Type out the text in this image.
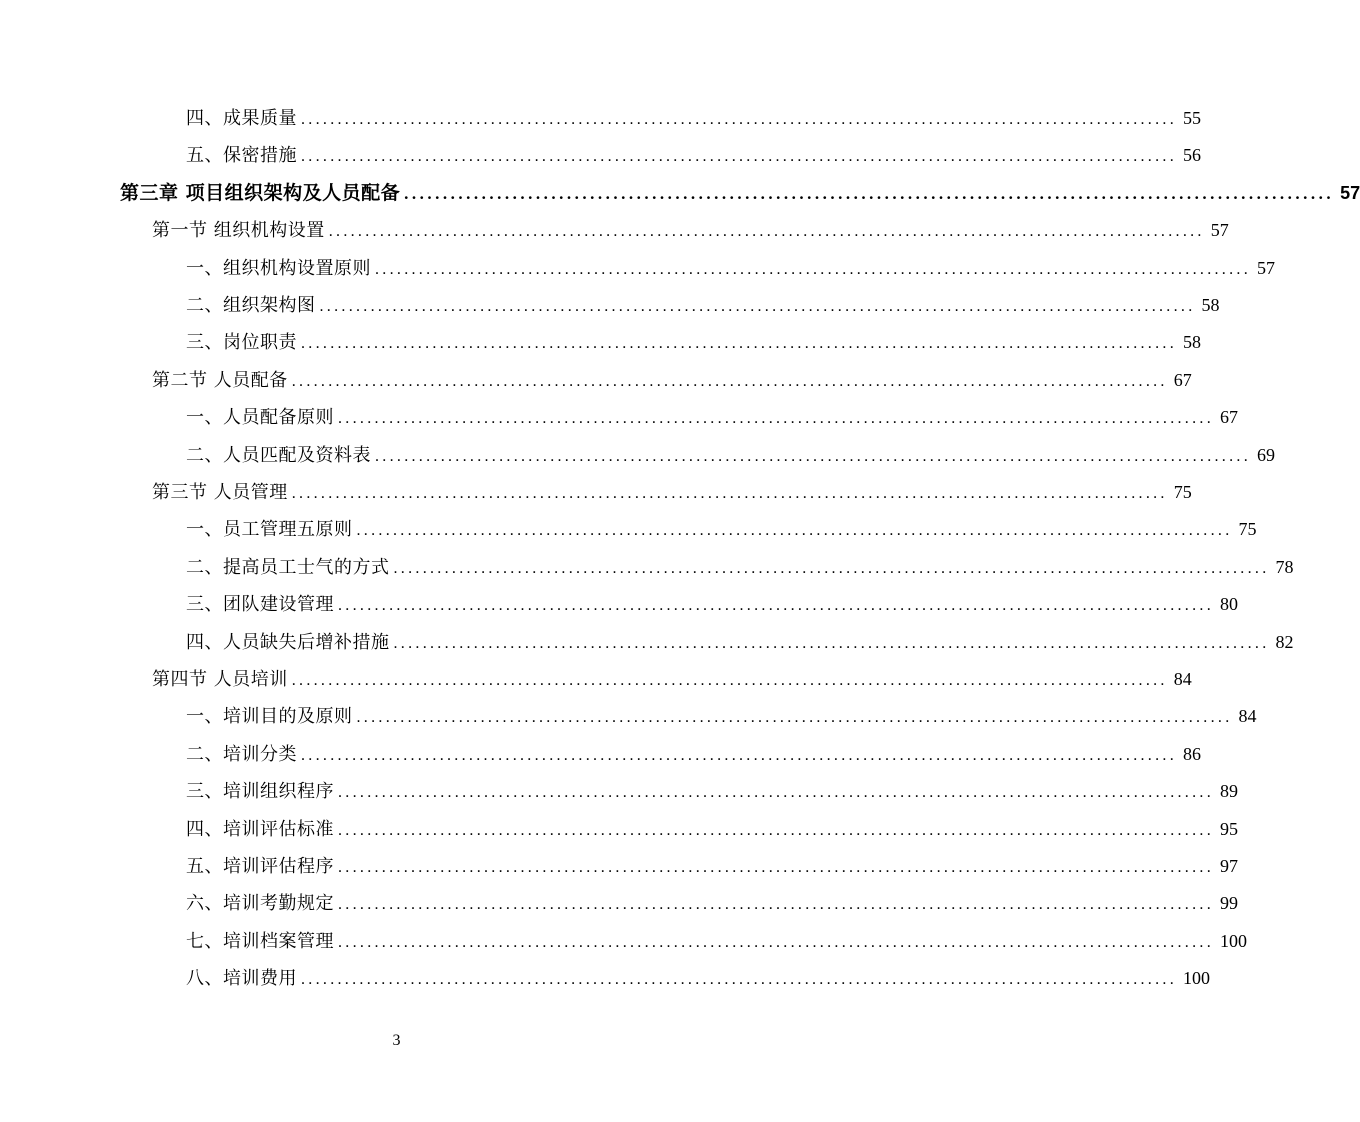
四、成果质量 ........................................................................................................................ 55
五、保密措施 ........................................................................................................................ 56
第三章 项目组织架构及人员配备 ........................................................................................................................ 57
第一节 组织机构设置 ........................................................................................................................ 57
一、组织机构设置原则 ........................................................................................................................ 57
二、组织架构图 ........................................................................................................................ 58
三、岗位职责 ........................................................................................................................ 58
第二节 人员配备 ........................................................................................................................ 67
一、人员配备原则 ........................................................................................................................ 67
二、人员匹配及资料表 ........................................................................................................................ 69
第三节 人员管理 ........................................................................................................................ 75
一、员工管理五原则 ........................................................................................................................ 75
二、提高员工士气的方式 ........................................................................................................................ 78
三、团队建设管理 ........................................................................................................................ 80
四、人员缺失后增补措施 ........................................................................................................................ 82
第四节 人员培训 ........................................................................................................................ 84
一、培训目的及原则 ........................................................................................................................ 84
二、培训分类 ........................................................................................................................ 86
三、培训组织程序 ........................................................................................................................ 89
四、培训评估标准 ........................................................................................................................ 95
五、培训评估程序 ........................................................................................................................ 97
六、培训考勤规定 ........................................................................................................................ 99
七、培训档案管理 ........................................................................................................................ 100
八、培训费用 ........................................................................................................................ 100
3
